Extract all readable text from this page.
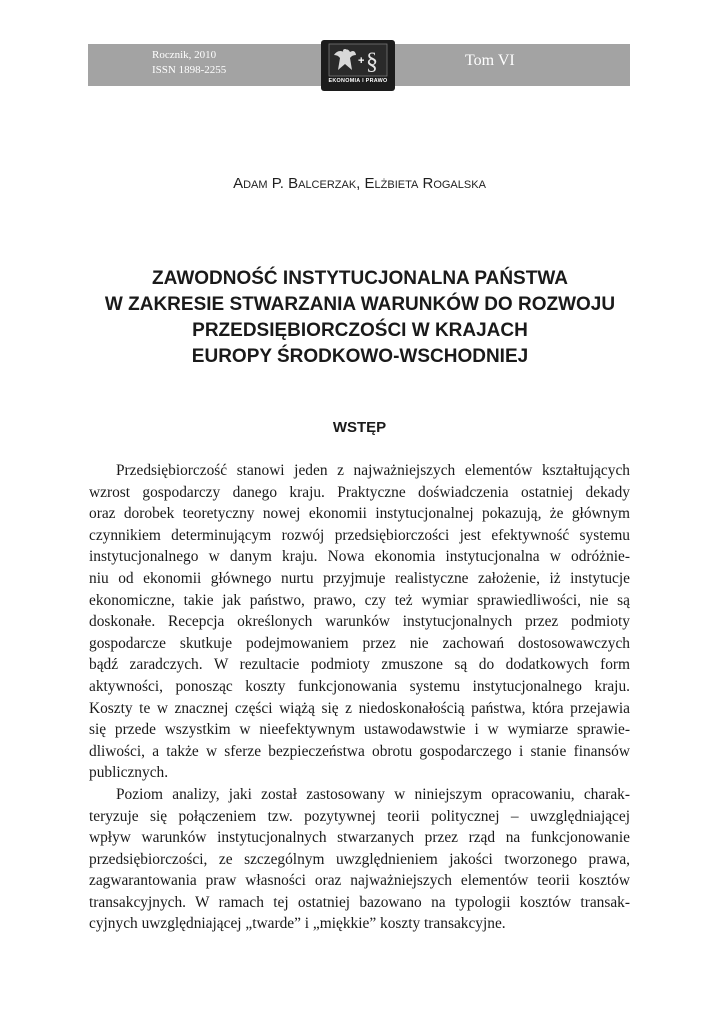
Rocznik, 2010
ISSN 1898-2255
Tom VI
+ §
EKONOMIA I PRAWO
Adam P. Balcerzak, Elżbieta Rogalska
ZAWODNOŚĆ INSTYTUCJONALNA PAŃSTWA
W ZAKRESIE STWARZANIA WARUNKÓW DO ROZWOJU
PRZEDSIĘBIORCZOŚCI W KRAJACH
EUROPY ŚRODKOWO-WSCHODNIEJ
WSTĘP
Przedsiębiorczość stanowi jeden z najważniejszych elementów kształtujących
wzrost gospodarczy danego kraju. Praktyczne doświadczenia ostatniej dekady
oraz dorobek teoretyczny nowej ekonomii instytucjonalnej pokazują, że głównym
czynnikiem determinującym rozwój przedsiębiorczości jest efektywność systemu
instytucjonalnego w danym kraju. Nowa ekonomia instytucjonalna w odróżnie-
niu od ekonomii głównego nurtu przyjmuje realistyczne założenie, iż instytucje
ekonomiczne, takie jak państwo, prawo, czy też wymiar sprawiedliwości, nie są
doskonałe. Recepcja określonych warunków instytucjonalnych przez podmioty
gospodarcze skutkuje podejmowaniem przez nie zachowań dostosowawczych
bądź zaradczych. W rezultacie podmioty zmuszone są do dodatkowych form
aktywności, ponosząc koszty funkcjonowania systemu instytucjonalnego kraju.
Koszty te w znacznej części wiążą się z niedoskonałością państwa, która przejawia
się przede wszystkim w nieefektywnym ustawodawstwie i w wymiarze sprawie-
dliwości, a także w sferze bezpieczeństwa obrotu gospodarczego i stanie finansów
publicznych.
Poziom analizy, jaki został zastosowany w niniejszym opracowaniu, charak-
teryzuje się połączeniem tzw. pozytywnej teorii politycznej – uwzględniającej
wpływ warunków instytucjonalnych stwarzanych przez rząd na funkcjonowanie
przedsiębiorczości, ze szczególnym uwzględnieniem jakości tworzonego prawa,
zagwarantowania praw własności oraz najważniejszych elementów teorii kosztów
transakcyjnych. W ramach tej ostatniej bazowano na typologii kosztów transak-
cyjnych uwzględniającej „twarde” i „miękkie” koszty transakcyjne.
